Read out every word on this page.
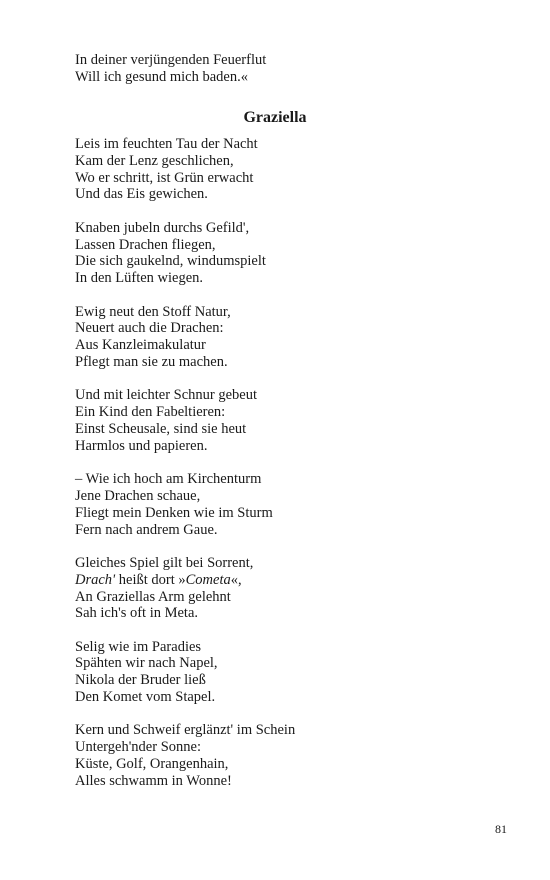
In deiner verjüngenden Feuerflut
Will ich gesund mich baden.«
Graziella
Leis im feuchten Tau der Nacht
Kam der Lenz geschlichen,
Wo er schritt, ist Grün erwacht
Und das Eis gewichen.
Knaben jubeln durchs Gefild',
Lassen Drachen fliegen,
Die sich gaukelnd, windumspielt
In den Lüften wiegen.
Ewig neut den Stoff Natur,
Neuert auch die Drachen:
Aus Kanzleimakulatur
Pflegt man sie zu machen.
Und mit leichter Schnur gebeut
Ein Kind den Fabeltieren:
Einst Scheusale, sind sie heut
Harmlos und papieren.
– Wie ich hoch am Kirchenturm
Jene Drachen schaue,
Fliegt mein Denken wie im Sturm
Fern nach andrem Gaue.
Gleiches Spiel gilt bei Sorrent,
Drach' heißt dort »Cometa«,
An Graziellas Arm gelehnt
Sah ich's oft in Meta.
Selig wie im Paradies
Spähten wir nach Napel,
Nikola der Bruder ließ
Den Komet vom Stapel.
Kern und Schweif erglänzt' im Schein
Untergeh'nder Sonne:
Küste, Golf, Orangenhain,
Alles schwamm in Wonne!
81
